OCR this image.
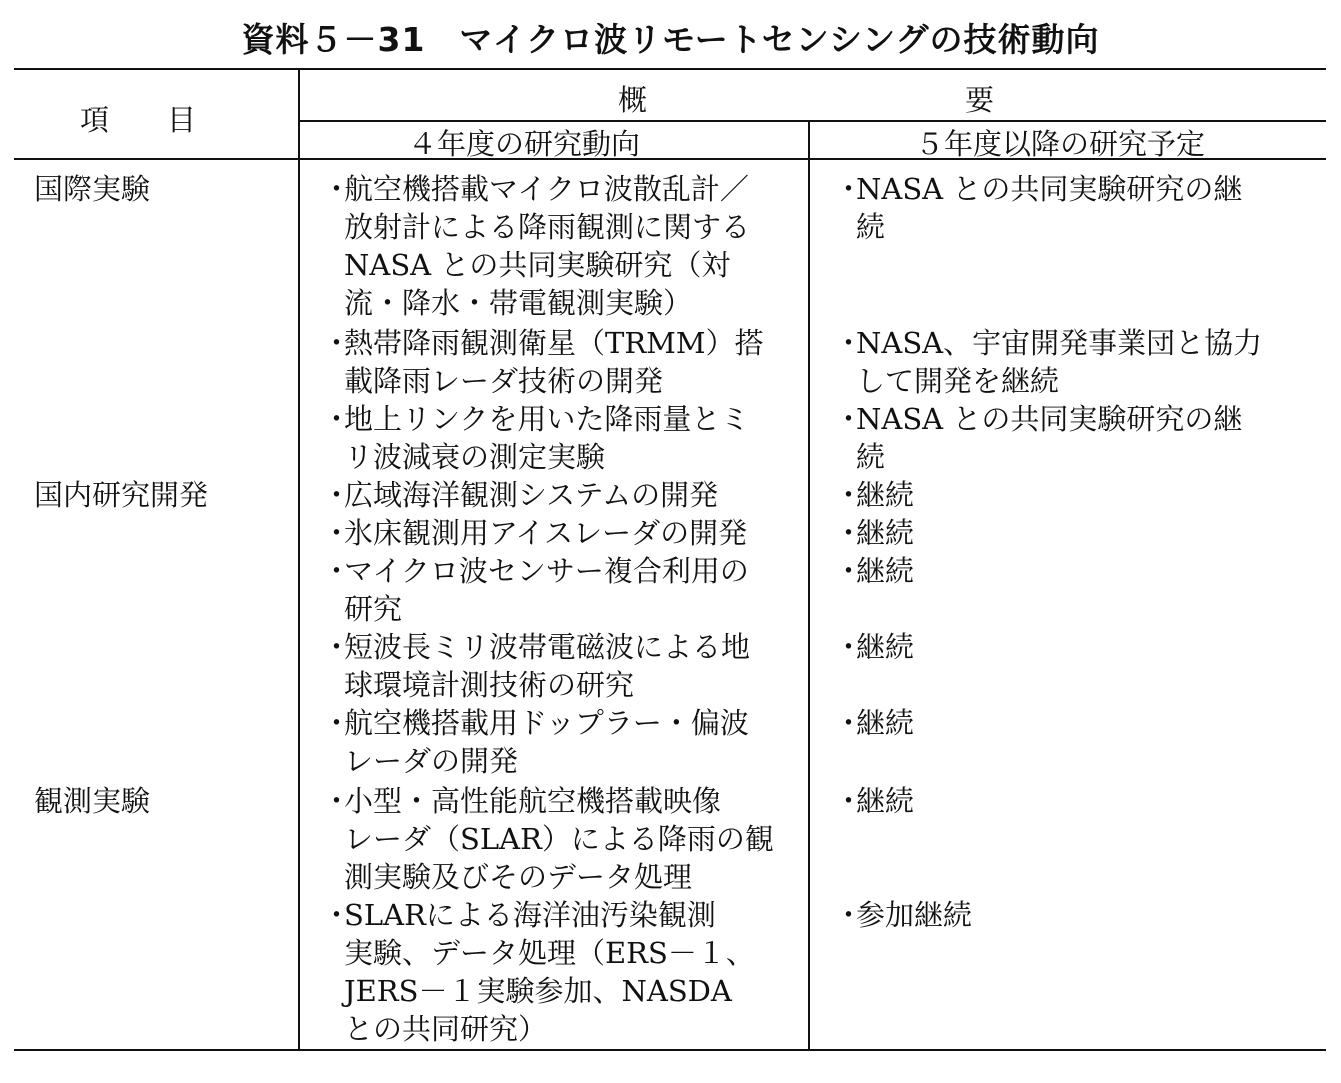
資料５－31　マイクロ波リモートセンシングの技術動向
項　　目
概	要
４年度の研究動向	５年度以降の研究予定
国際実験
国内研究開発
観測実験
・
航空機搭載マイクロ波散乱計／
放射計による降雨観測に関する
NASA との共同実験研究（対
流・降水・帯電観測実験）
・
熱帯降雨観測衛星（TRMM）搭
載降雨レーダ技術の開発
・
地上リンクを用いた降雨量とミ
リ波減衰の測定実験
・
広域海洋観測システムの開発
・
氷床観測用アイスレーダの開発
・
マイクロ波センサー複合利用の
研究
・
短波長ミリ波帯電磁波による地
球環境計測技術の研究
・
航空機搭載用ドップラー・偏波
レーダの開発
・
小型・高性能航空機搭載映像
レーダ（SLAR）による降雨の観
測実験及びそのデータ処理
・
SLARによる海洋油汚染観測
実験、データ処理（ERS－１、
JERS－１実験参加、NASDA
との共同研究）
・
NASA との共同実験研究の継
続
・
NASA、宇宙開発事業団と協力
して開発を継続
・
NASA との共同実験研究の継
続
・
継続
・
継続
・
継続
・
継続
・
継続
・
継続
・
参加継続
